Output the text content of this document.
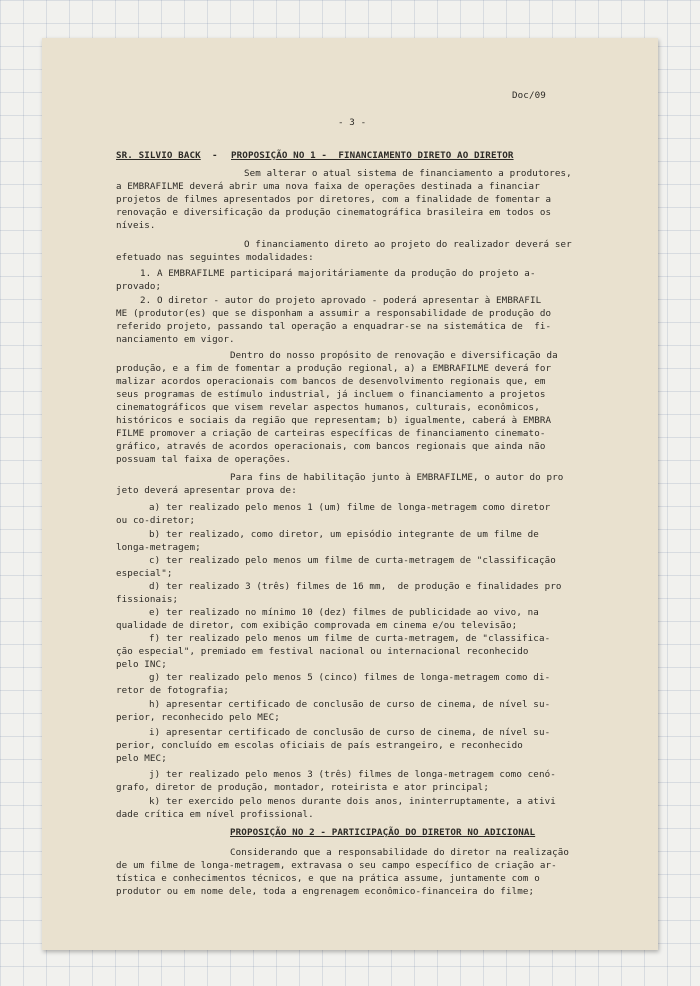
Doc/09
- 3 -
SR. SILVIO BACK - PROPOSIÇÃO NO 1 -  FINANCIAMENTO DIRETO AO DIRETOR
Sem alterar o atual sistema de financiamento a produtores,
a EMBRAFILME deverá abrir uma nova faixa de operações destinada a financiar
projetos de filmes apresentados por diretores, com a finalidade de fomentar a
renovação e diversificação da produção cinematográfica brasileira em todos os
níveis.
O financiamento direto ao projeto do realizador deverá ser
efetuado nas seguintes modalidades:
1. A EMBRAFILME participará majoritáriamente da produção do projeto a-
provado;
2. O diretor - autor do projeto aprovado - poderá apresentar à EMBRAFIL
ME (produtor(es) que se disponham a assumir a responsabilidade de produção do
referido projeto, passando tal operação a enquadrar-se na sistemática de  fi-
nanciamento em vigor.
Dentro do nosso propósito de renovação e diversificação da
produção, e a fim de fomentar a produção regional, a) a EMBRAFILME deverá for
malizar acordos operacionais com bancos de desenvolvimento regionais que, em
seus programas de estímulo industrial, já incluem o financiamento a projetos
cinematográficos que visem revelar aspectos humanos, culturais, econômicos,
históricos e sociais da região que representam; b) igualmente, caberá à EMBRA
FILME promover a criação de carteiras específicas de financiamento cinemato-
gráfico, através de acordos operacionais, com bancos regionais que ainda não
possuam tal faixa de operações.
Para fins de habilitação junto à EMBRAFILME, o autor do pro
jeto deverá apresentar prova de:
a) ter realizado pelo menos 1 (um) filme de longa-metragem como diretor
ou co-diretor;
b) ter realizado, como diretor, um episódio integrante de um filme de
longa-metragem;
c) ter realizado pelo menos um filme de curta-metragem de "classificação
especial";
d) ter realizado 3 (três) filmes de 16 mm,  de produção e finalidades pro
fissionais;
e) ter realizado no mínimo 10 (dez) filmes de publicidade ao vivo, na
qualidade de diretor, com exibição comprovada em cinema e/ou televisão;
f) ter realizado pelo menos um filme de curta-metragem, de "classifica-
ção especial", premiado em festival nacional ou internacional reconhecido
pelo INC;
g) ter realizado pelo menos 5 (cinco) filmes de longa-metragem como di-
retor de fotografia;
h) apresentar certificado de conclusão de curso de cinema, de nível su-
perior, reconhecido pelo MEC;
i) apresentar certificado de conclusão de curso de cinema, de nível su-
perior, concluído em escolas oficiais de país estrangeiro, e reconhecido
pelo MEC;
j) ter realizado pelo menos 3 (três) filmes de longa-metragem como cenó-
grafo, diretor de produção, montador, roteirista e ator principal;
k) ter exercido pelo menos durante dois anos, ininterruptamente, a ativi
dade crítica em nível profissional.
PROPOSIÇÃO NO 2 - PARTICIPAÇÃO DO DIRETOR NO ADICIONAL
Considerando que a responsabilidade do diretor na realização
de um filme de longa-metragem, extravasa o seu campo específico de criação ar-
tística e conhecimentos técnicos, e que na prática assume, juntamente com o
produtor ou em nome dele, toda a engrenagem econômico-financeira do filme;
